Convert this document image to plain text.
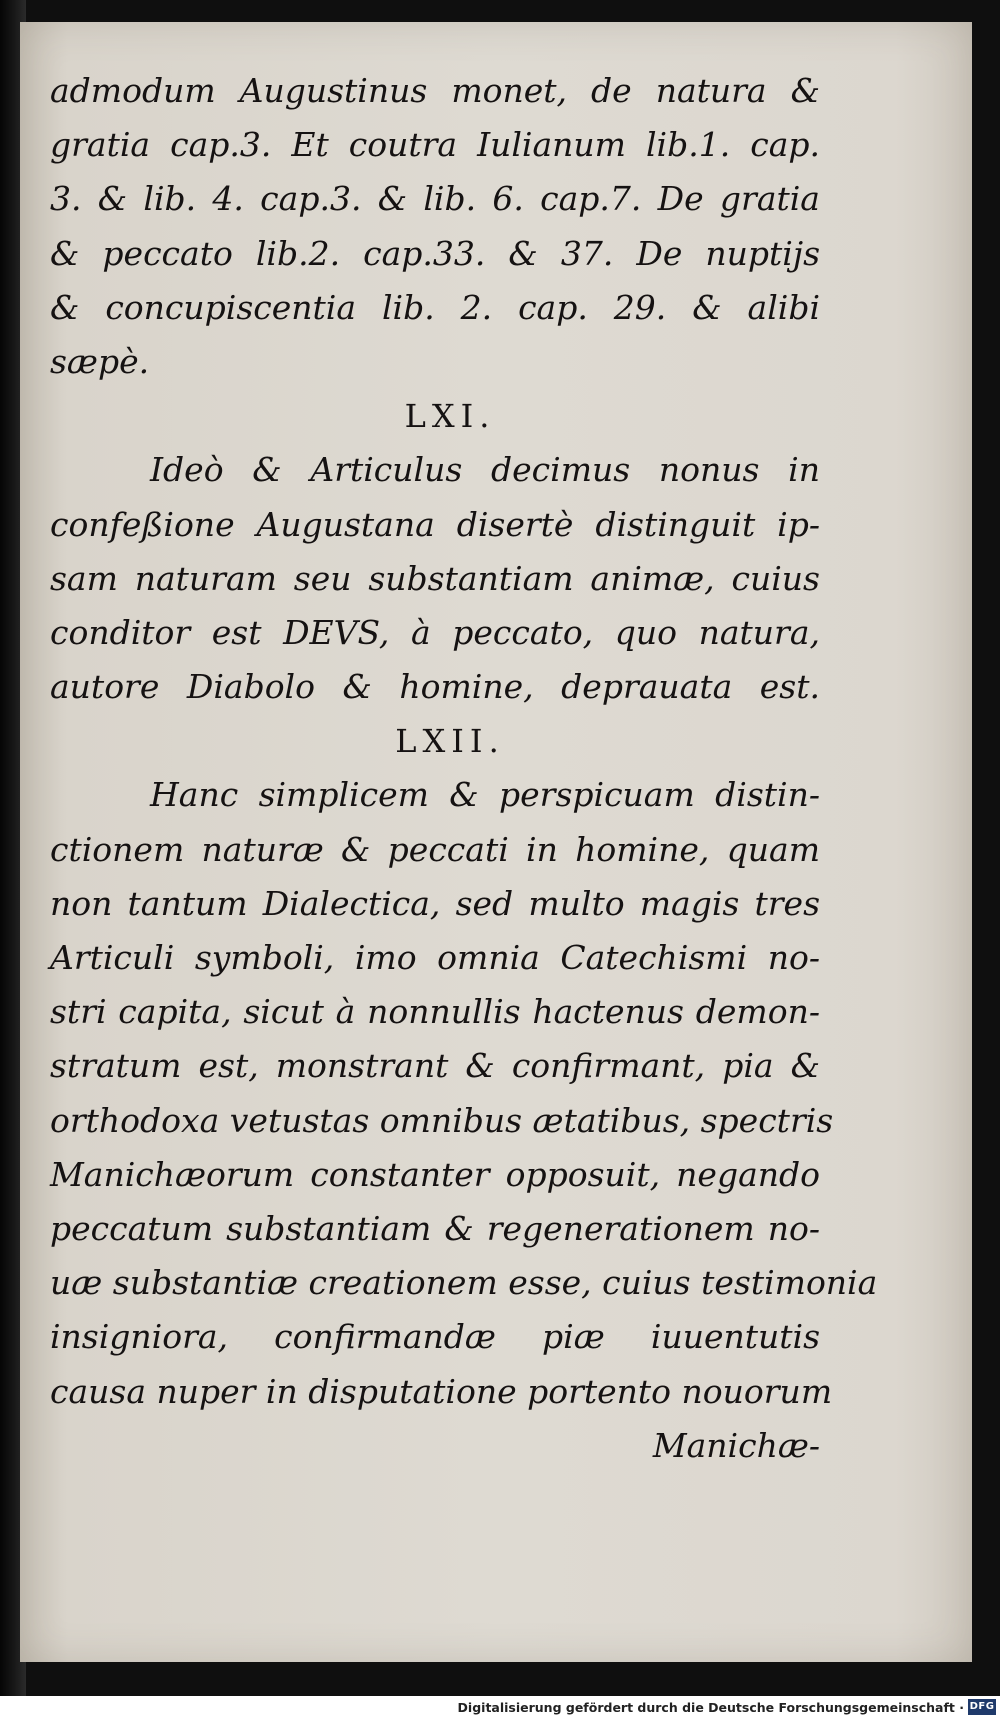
admodum Augustinus monet, de natura &
gratia cap.3. Et coutra Iulianum lib.1. cap.
3. & lib. 4. cap.3. & lib. 6. cap.7. De gratia
& peccato lib.2. cap.33. & 37. De nuptijs
& concupiscentia lib. 2. cap. 29. & alibi
sæpè.
LXI.
Ideò & Articulus decimus nonus in
confeßione Augustana disertè distinguit ip-
sam naturam seu substantiam animæ, cuius
conditor est DEVS, à peccato, quo natura,
autore Diabolo & homine, deprauata est.
LXII.
Hanc simplicem & perspicuam distin-
ctionem naturæ & peccati in homine, quam
non tantum Dialectica, sed multo magis tres
Articuli symboli, imo omnia Catechismi no-
stri capita, sicut à nonnullis hactenus demon-
stratum est, monstrant & confirmant, pia &
orthodoxa vetustas omnibus ætatibus, spectris
Manichæorum constanter opposuit, negando
peccatum substantiam & regenerationem no-
uæ substantiæ creationem esse, cuius testimonia
insigniora, confirmandæ piæ iuuentutis
causa nuper in disputatione portento nouorum
Manichæ-
Digitalisierung gefördert durch die Deutsche Forschungsgemeinschaft · DFG
